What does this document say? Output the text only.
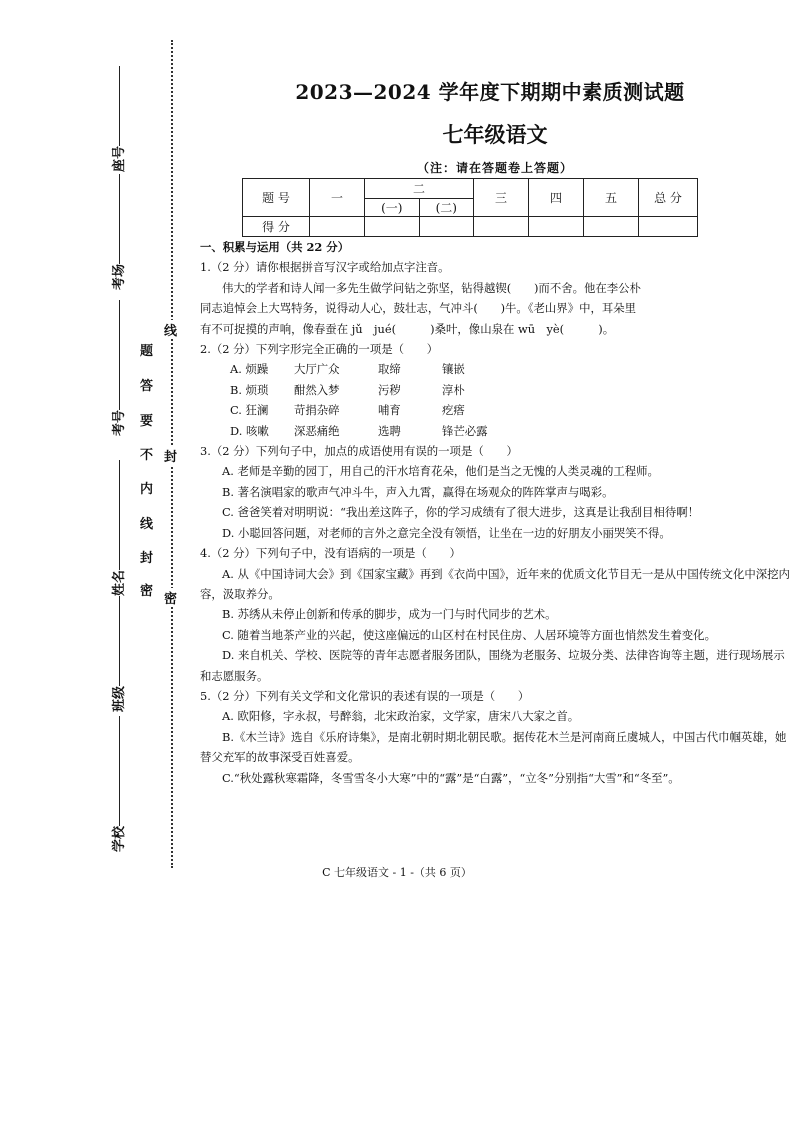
座号
考场
考号
姓名
班级
学校
题
答
要
不
内
线
封
密
线
封
密
2023—2024 学年度下期期中素质测试题
七年级语文
（注：请在答题卷上答题）
题 号	一	二		三	四	五	总 分
		(一)	(二)				
得 分							

一、积累与运用（共 22 分）

1.（2 分）请你根据拼音写汉字或给加点字注音。

伟大的学者和诗人闻一多先生做学问钻之弥坚，钻得越锲(　　)而不舍。他在李公朴

同志追悼会上大骂特务，说得动人心，鼓壮志，气冲斗(　　)牛。《老山界》中，耳朵里

有不可捉摸的声响，像春蚕在 jǔ　jué(　　　)桑叶，像山泉在 wū　yè(　　　)。

2.（2 分）下列字形完全正确的一项是（　　）

A. 烦躁 大厅广众	取缔	镶嵌
B. 烦琐 酣然入梦	污秽	淳朴
C. 狂澜 苛捐杂碎	哺育	疙瘩
D. 咳嗽 深恶痛绝	选聘	锋芒必露

3.（2 分）下列句子中，加点的成语使用有误的一项是（　　）

A. 老师是辛勤的园丁，用自己的汗水培育花朵，他们是当之无愧的人类灵魂的工程师。

B. 著名演唱家的歌声气冲斗牛，声入九霄，赢得在场观众的阵阵掌声与喝彩。

C. 爸爸笑着对明明说：“我出差这阵子，你的学习成绩有了很大进步，这真是让我刮目相待啊！

D. 小聪回答问题，对老师的言外之意完全没有领悟，让坐在一边的好朋友小丽哭笑不得。

4.（2 分）下列句子中，没有语病的一项是（　　）

A. 从《中国诗词大会》到《国家宝藏》再到《衣尚中国》，近年来的优质文化节目无一是从中国传统文化中深挖内容，汲取养分。

B. 苏绣从未停止创新和传承的脚步，成为一门与时代同步的艺术。

C. 随着当地茶产业的兴起，使这座偏远的山区村在村民住房、人居环境等方面也悄然发生着变化。

D. 来自机关、学校、医院等的青年志愿者服务团队，围绕为老服务、垃圾分类、法律咨询等主题，进行现场展示和志愿服务。

5.（2 分）下列有关文学和文化常识的表述有误的一项是（　　）

A. 欧阳修，字永叔，号醉翁，北宋政治家，文学家，唐宋八大家之首。

B.《木兰诗》选自《乐府诗集》，是南北朝时期北朝民歌。据传花木兰是河南商丘虞城人，中国古代巾帼英雄，她替父充军的故事深受百姓喜爱。

C.“秋处露秋寒霜降，冬雪雪冬小大寒”中的“露”是“白露”，“立冬”分别指“大雪”和“冬至”。

C 七年级语文 - 1 -（共 6 页）
